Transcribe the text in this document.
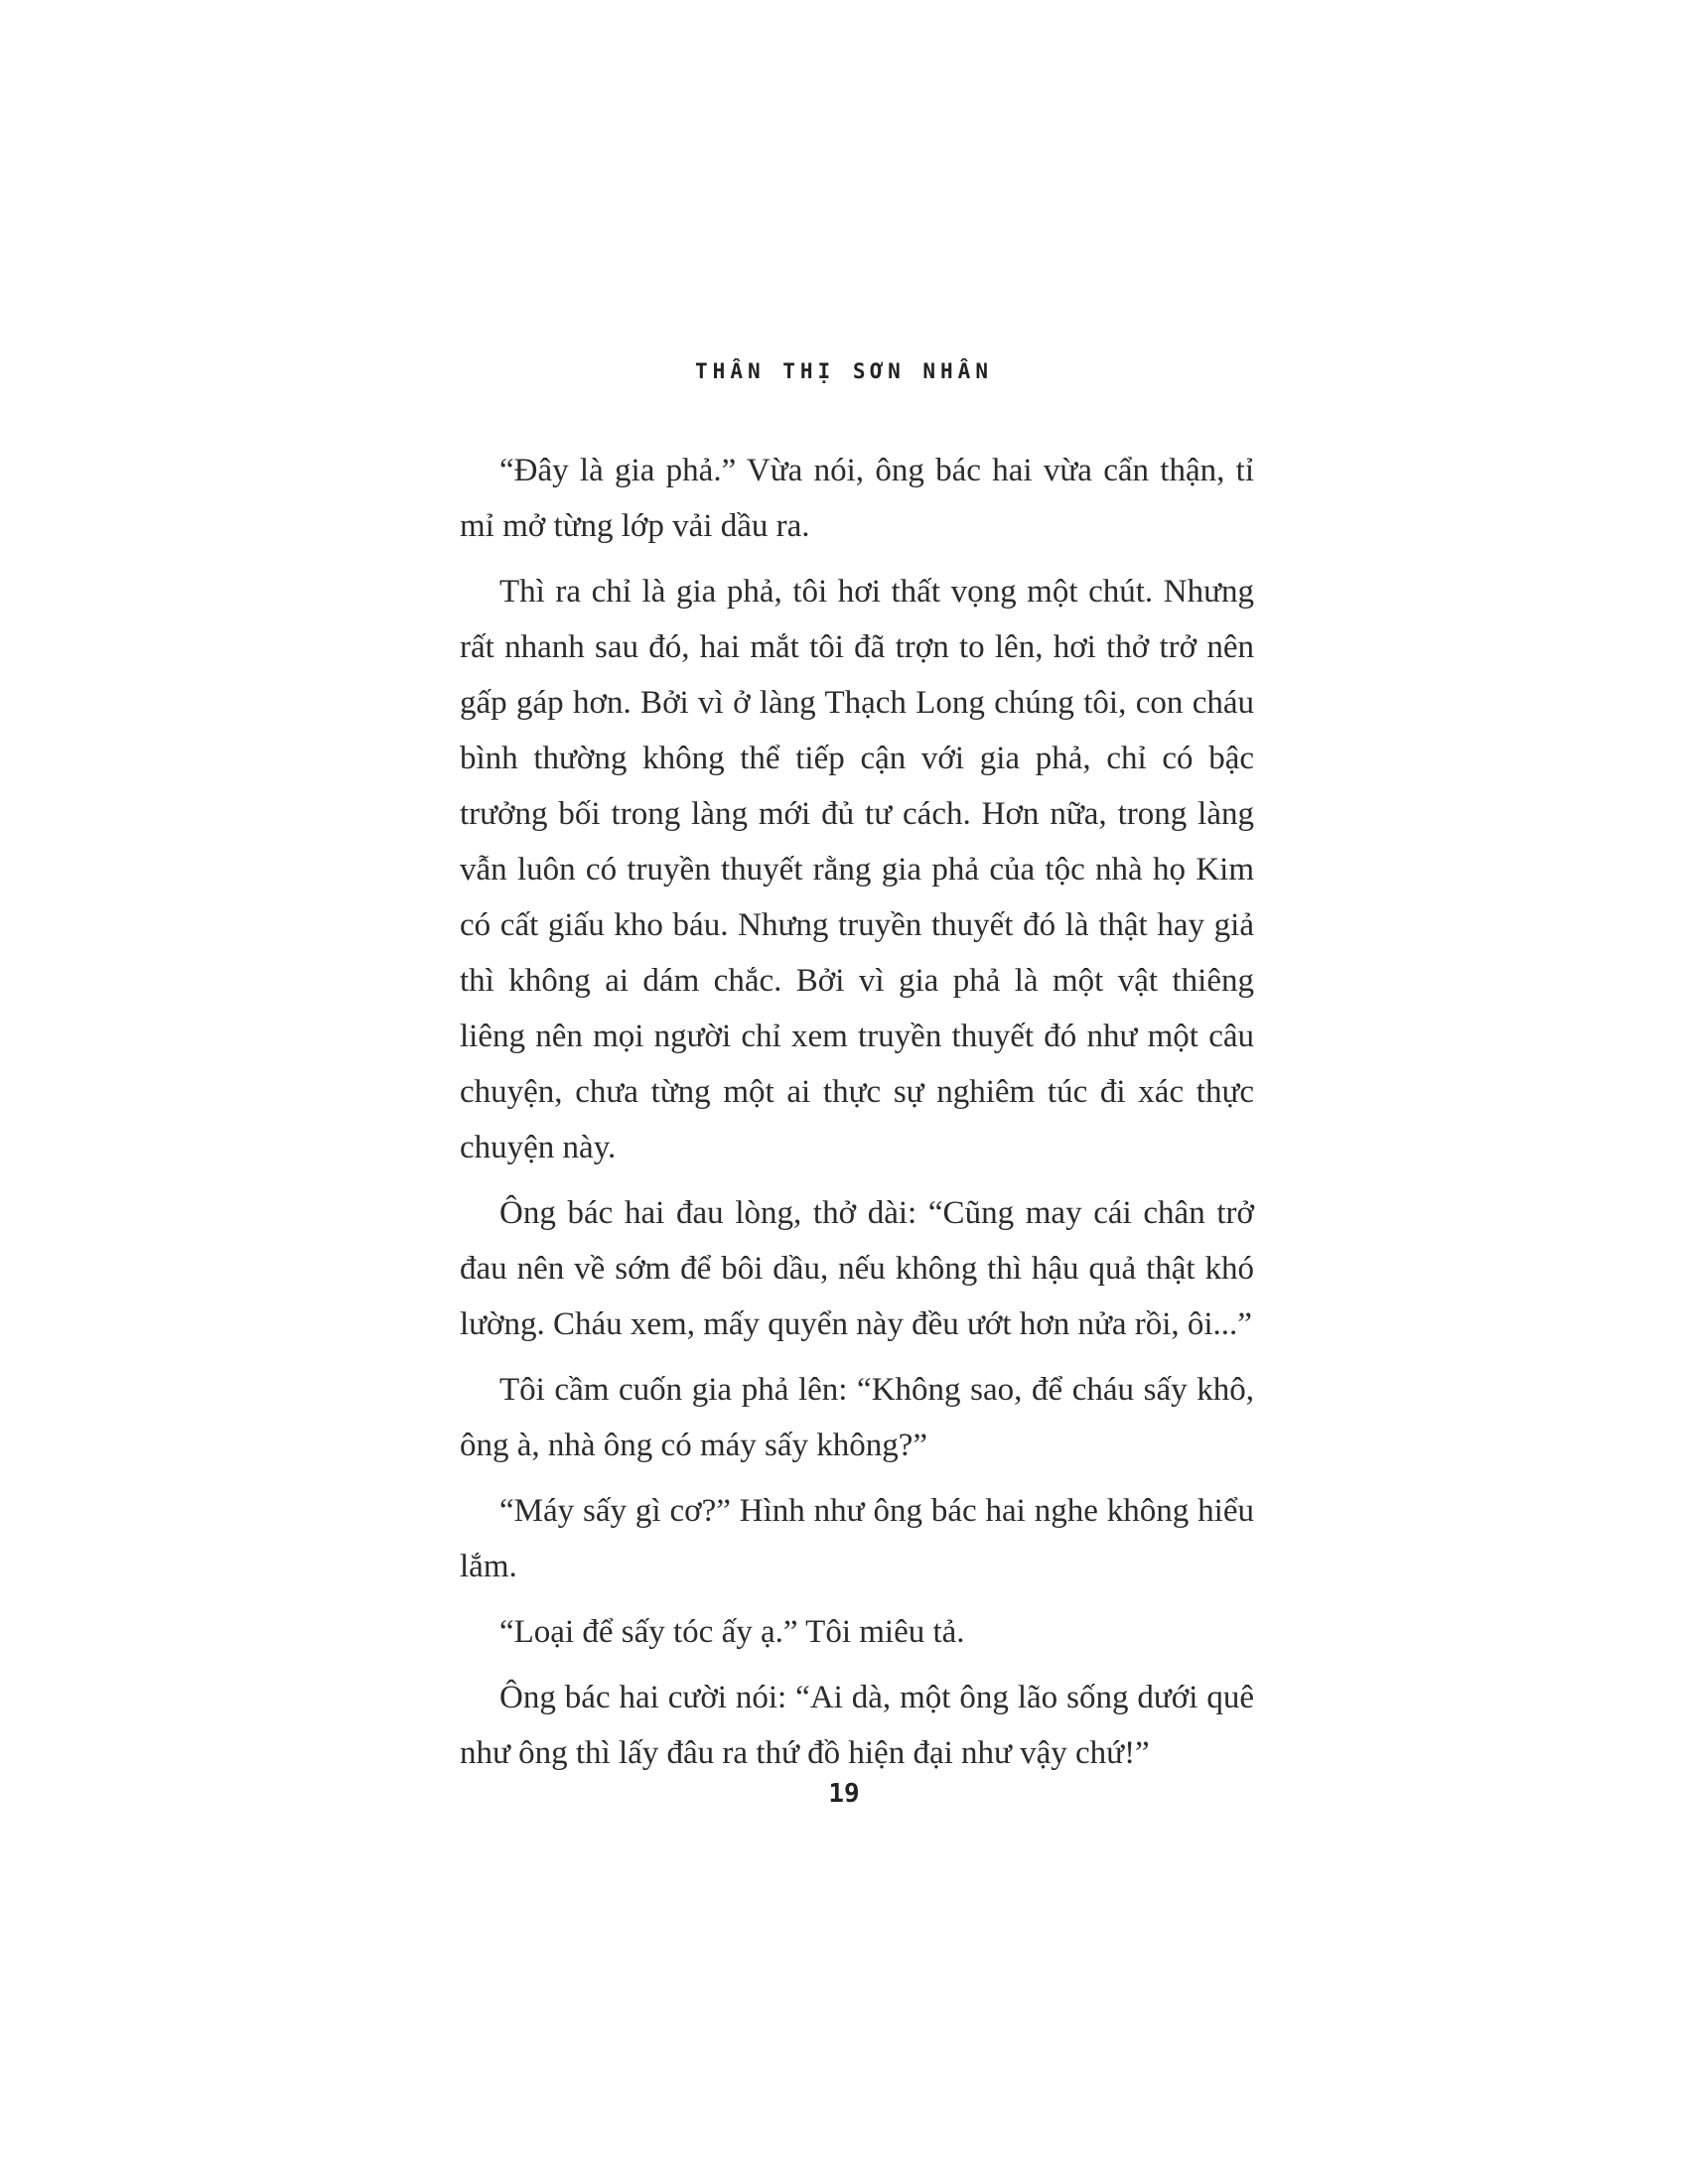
THÂN THỊ SƠN NHÂN

“Đây là gia phả.” Vừa nói, ông bác hai vừa cẩn thận, tỉ mỉ mở từng lớp vải dầu ra.

Thì ra chỉ là gia phả, tôi hơi thất vọng một chút. Nhưng rất nhanh sau đó, hai mắt tôi đã trợn to lên, hơi thở trở nên gấp gáp hơn. Bởi vì ở làng Thạch Long chúng tôi, con cháu bình thường không thể tiếp cận với gia phả, chỉ có bậc trưởng bối trong làng mới đủ tư cách. Hơn nữa, trong làng vẫn luôn có truyền thuyết rằng gia phả của tộc nhà họ Kim có cất giấu kho báu. Nhưng truyền thuyết đó là thật hay giả thì không ai dám chắc. Bởi vì gia phả là một vật thiêng liêng nên mọi người chỉ xem truyền thuyết đó như một câu chuyện, chưa từng một ai thực sự nghiêm túc đi xác thực chuyện này.

Ông bác hai đau lòng, thở dài: “Cũng may cái chân trở đau nên về sớm để bôi dầu, nếu không thì hậu quả thật khó lường. Cháu xem, mấy quyển này đều ướt hơn nửa rồi, ôi...”

Tôi cầm cuốn gia phả lên: “Không sao, để cháu sấy khô, ông à, nhà ông có máy sấy không?”

“Máy sấy gì cơ?” Hình như ông bác hai nghe không hiểu lắm.

“Loại để sấy tóc ấy ạ.” Tôi miêu tả.

Ông bác hai cười nói: “Ai dà, một ông lão sống dưới quê như ông thì lấy đâu ra thứ đồ hiện đại như vậy chứ!”

19
